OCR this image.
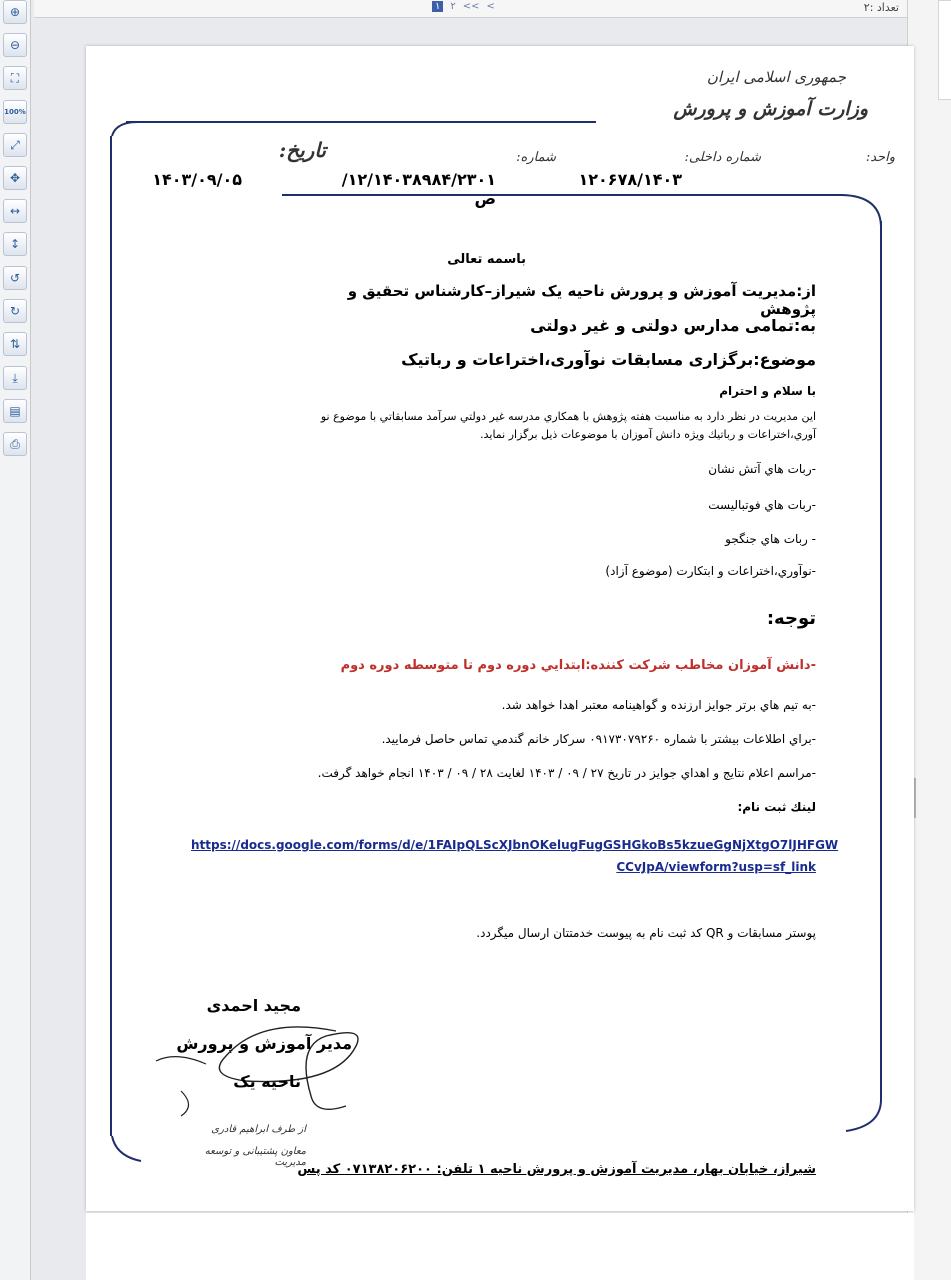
⊕
⊖
⛶
100%
⤢
✥
↔
↕
↺
↻
⇅
⤓
▤
⎙
۱	۲ << <	تعداد :۲
جمهوری اسلامی ایران
وزارت آموزش و پرورش
واحد:
شماره داخلی:
شماره:
تاریخ:
۱۲۰۶۷۸/۱۴۰۳
۱۲/۱۴۰۳۸۹۸۴/۲۳۰۱/ص
۱۴۰۳/۰۹/۰۵
باسمه تعالی
از:مدیریت آموزش و پرورش ناحیه یک شیراز–کارشناس تحقیق و پژوهش
به:تمامی مدارس دولتی و غیر دولتی
موضوع:برگزاری مسابقات نوآوری،اختراعات و رباتیک
با سلام و احترام
این مدیریت در نظر دارد به مناسبت هفته پژوهش با همکاري مدرسه غیر دولتي سرآمد مسابقاتي با موضوع نو
آوري،اختراعات و رباتیك ویژه دانش آموزان با موضوعات ذیل برگزار نماید.
-ربات هاي آتش نشان
-ربات هاي فوتبالیست
- ربات هاي جنگجو
-نوآوري،اختراعات و ابتكارت (موضوع آزاد)
توجه:
-دانش آموزان مخاطب شركت كننده:ابتدايي دوره دوم تا متوسطه دوره دوم
-به تیم هاي برتر جوايز ارزنده و گواهينامه معتبر اهدا خواهد شد.
-براي اطلاعات بیشتر با شماره ۰۹۱۷۳۰۷۹۲۶۰ سركار خانم گندمي تماس حاصل فرمایید.
-مراسم اعلام نتايج و اهداي جوايز در تاريخ ۲۷ / ۰۹ / ۱۴۰۳ لغايت ۲۸ / ۰۹ / ۱۴۰۳ انجام خواهد گرفت.
لینك ثبت نام:
https://docs.google.com/forms/d/e/1FAIpQLScXJbnOKelugFugGSHGkoBs5kzueGgNjXtgO7lJHFGW
CCvJpA/viewform?usp=sf_link
پوستر مسابقات و QR كد ثبت نام به پيوست خدمتتان ارسال ميگردد.
مجید احمدی
مدیر آموزش و پرورش
ناحیه یک
از طرف ابراهیم قادری
معاون پشتیبانی و توسعه مدیریت
شیراز، خیابان بهار، مدیریت آموزش و پرورش ناحیه ۱ تلفن: ۰۷۱۳۸۲۰۶۲۰۰ کد پس
